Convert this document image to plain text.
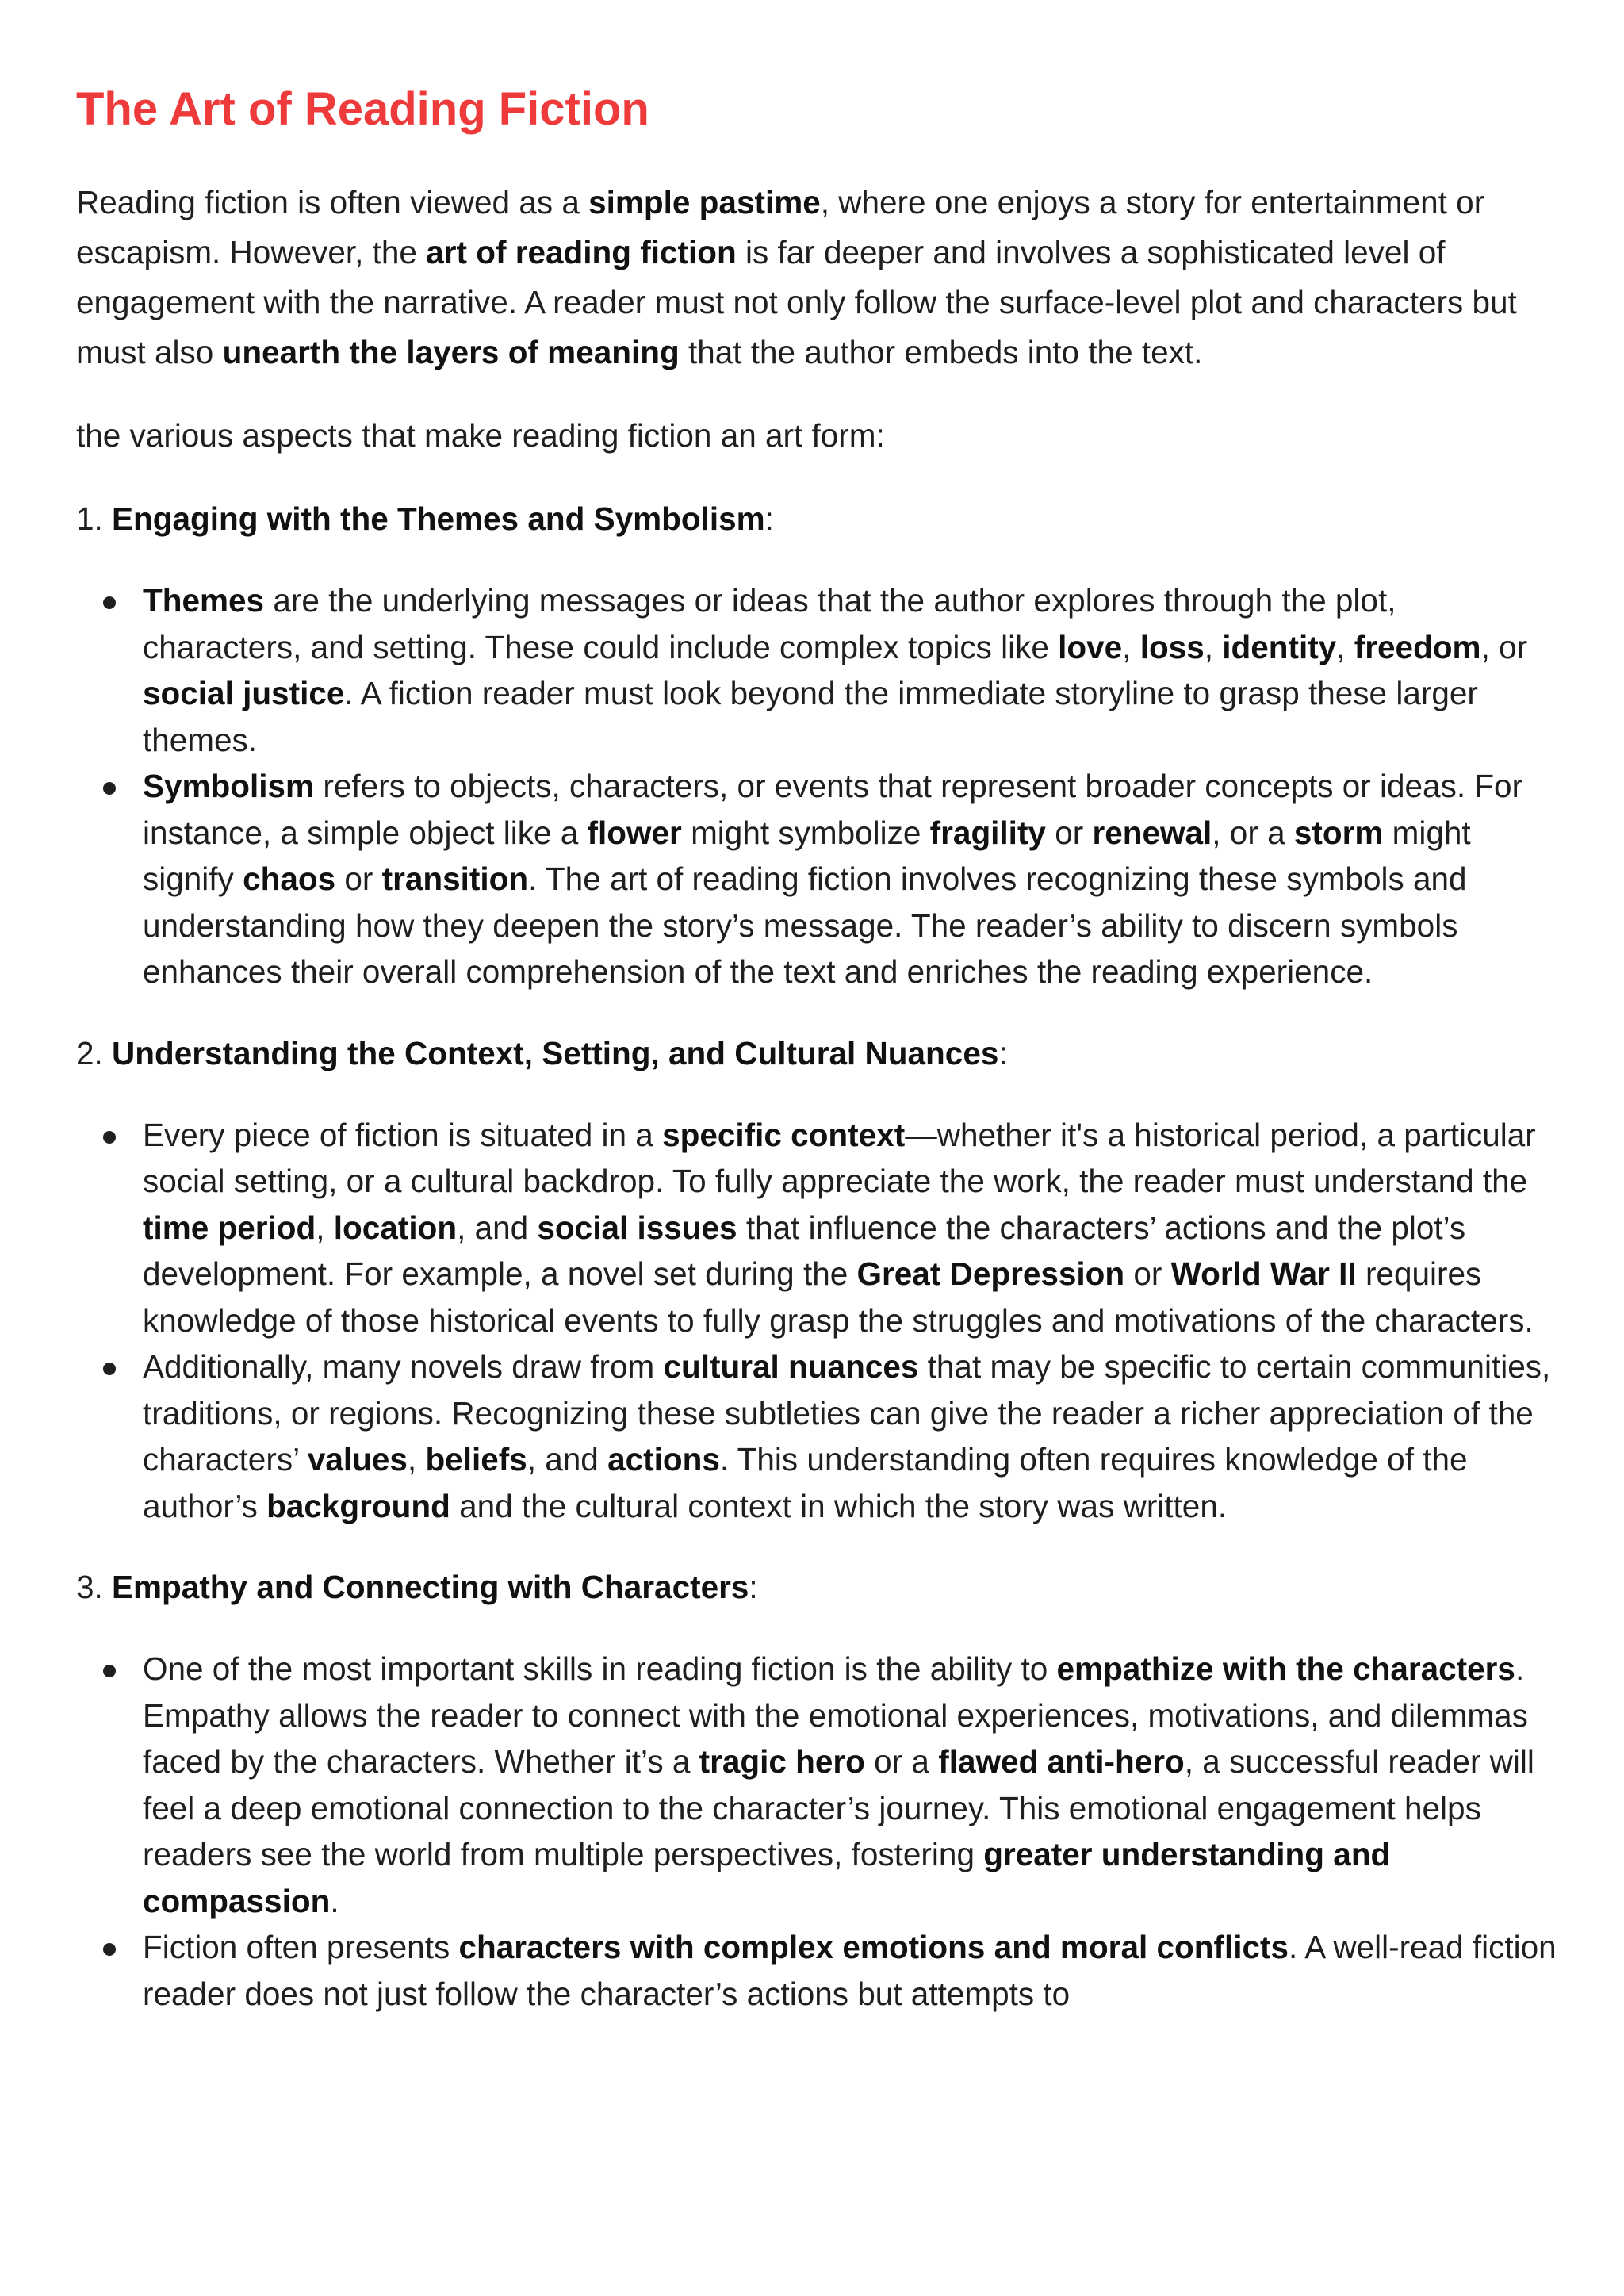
The Art of Reading Fiction

Reading fiction is often viewed as a simple pastime, where one enjoys a story for entertainment or escapism. However, the art of reading fiction is far deeper and involves a sophisticated level of engagement with the narrative. A reader must not only follow the surface-level plot and characters but must also unearth the layers of meaning that the author embeds into the text.

the various aspects that make reading fiction an art form:

1. Engaging with the Themes and Symbolism:

Themes are the underlying messages or ideas that the author explores through the plot, characters, and setting. These could include complex topics like love, loss, identity, freedom, or social justice. A fiction reader must look beyond the immediate storyline to grasp these larger themes.
Symbolism refers to objects, characters, or events that represent broader concepts or ideas. For instance, a simple object like a flower might symbolize fragility or renewal, or a storm might signify chaos or transition. The art of reading fiction involves recognizing these symbols and understanding how they deepen the story’s message. The reader’s ability to discern symbols enhances their overall comprehension of the text and enriches the reading experience.

2. Understanding the Context, Setting, and Cultural Nuances:

Every piece of fiction is situated in a specific context—whether it's a historical period, a particular social setting, or a cultural backdrop. To fully appreciate the work, the reader must understand the time period, location, and social issues that influence the characters’ actions and the plot’s development. For example, a novel set during the Great Depression or World War II requires knowledge of those historical events to fully grasp the struggles and motivations of the characters.
Additionally, many novels draw from cultural nuances that may be specific to certain communities, traditions, or regions. Recognizing these subtleties can give the reader a richer appreciation of the characters’ values, beliefs, and actions. This understanding often requires knowledge of the author’s background and the cultural context in which the story was written.

3. Empathy and Connecting with Characters:

One of the most important skills in reading fiction is the ability to empathize with the characters. Empathy allows the reader to connect with the emotional experiences, motivations, and dilemmas faced by the characters. Whether it’s a tragic hero or a flawed anti-hero, a successful reader will feel a deep emotional connection to the character’s journey. This emotional engagement helps readers see the world from multiple perspectives, fostering greater understanding and compassion.
Fiction often presents characters with complex emotions and moral conflicts. A well-read fiction reader does not just follow the character’s actions but attempts to
